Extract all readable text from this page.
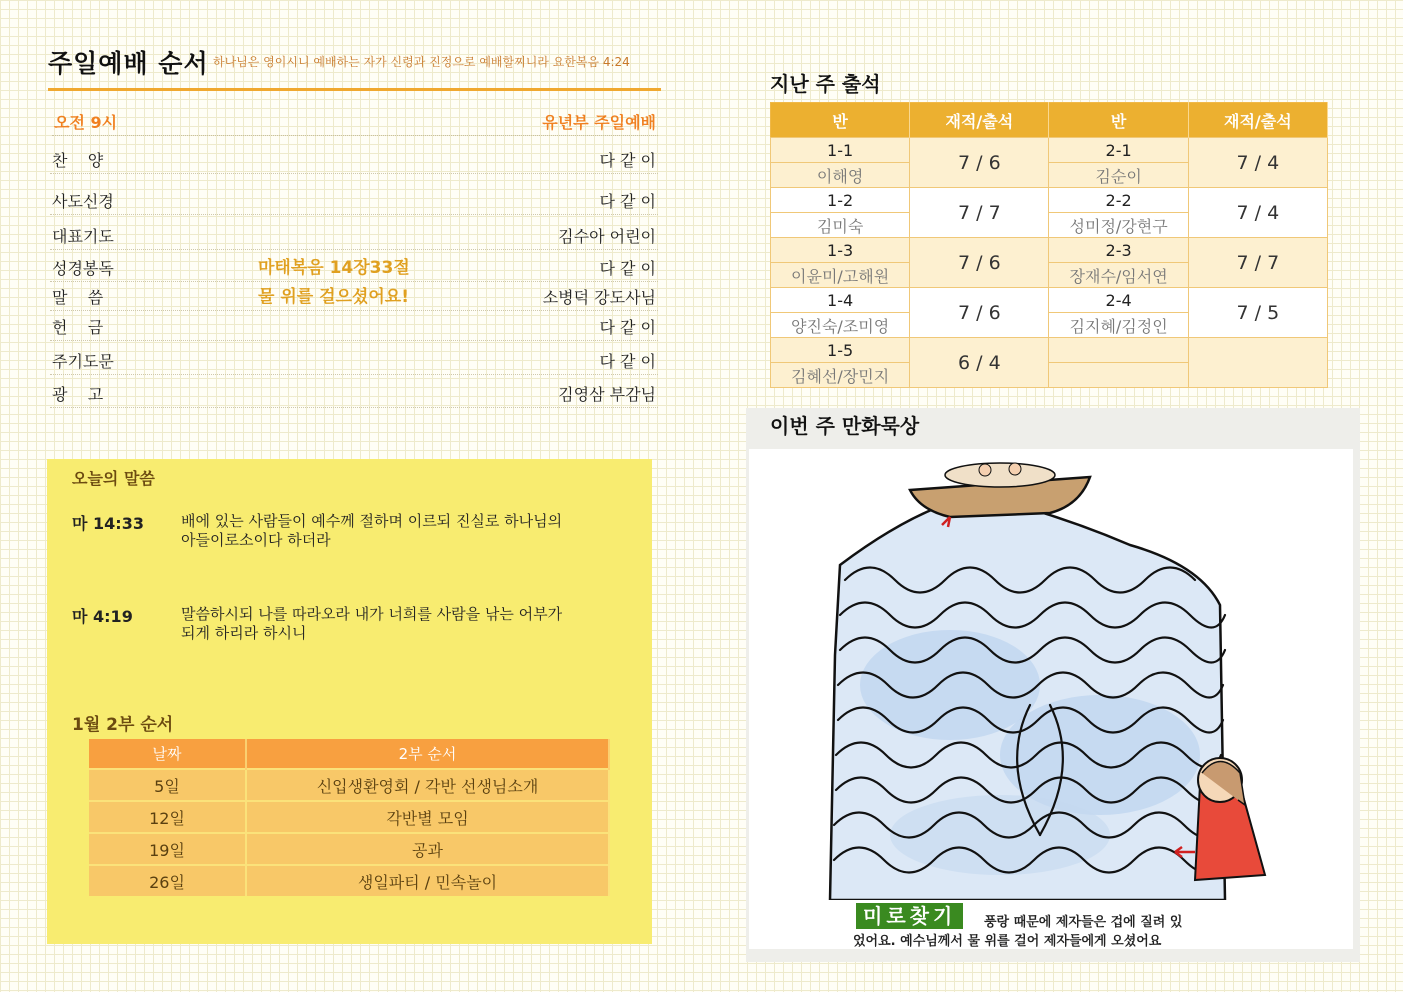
주일예배 순서 하나님은 영이시니 예배하는 자가 신령과 진정으로 예배할찌니라 요한복음 4:24
오전 9시	유년부 주일예배
찬    양	다 같 이
사도신경	다 같 이
대표기도	김수아 어린이
성경봉독	마태복음 14장33절	다 같 이
말    씀	물 위를 걸으셨어요!	소병덕 강도사님
헌    금	다 같 이
주기도문	다 같 이
광    고	김영삼 부감님
오늘의 말씀
마 14:33 배에 있는 사람들이 예수께 절하며 이르되 진실로 하나님의
아들이로소이다 하더라
마 4:19	말씀하시되 나를 따라오라 내가 너희를 사람을 낚는 어부가
되게 하리라 하시니
1월 2부 순서
날짜	2부 순서
5일	신입생환영회 / 각반 선생님소개
12일	각반별 모임
19일	공과
26일	생일파티 / 민속놀이
지난 주 출석
반	재적/출석	반	재적/출석
1-1	7 / 6	2-1	7 / 4
이해영		김순이	
1-2	7 / 7	2-2	7 / 4
김미숙		성미정/강현구	
1-3	7 / 6	2-3	7 / 7
이윤미/고해원		장재수/임서연	
1-4	7 / 6	2-4	7 / 5
양진숙/조미영		김지혜/김정인	
1-5	6 / 4		
김혜선/장민지			
이번 주 만화묵상
미로찾기	풍랑 때문에 제자들은 겁에 질려 있
었어요. 예수님께서 물 위를 걸어 제자들에게 오셨어요
